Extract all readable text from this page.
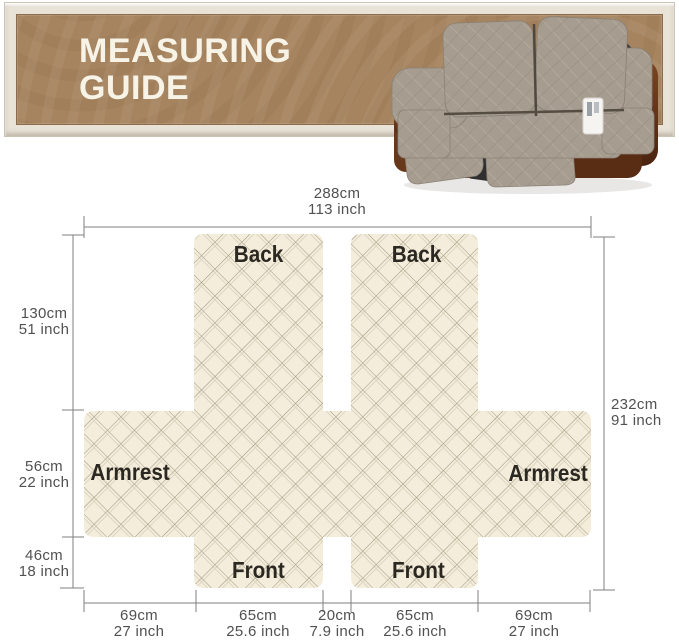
MEASURING
GUIDE
Back	Back
Armrest	Armrest
Front	Front
288cm
113 inch
232cm
91 inch
130cm
51 inch
56cm
22 inch
46cm
18 inch
69cm
27 inch
65cm
25.6 inch
20cm
7.9 inch
65cm
25.6 inch
69cm
27 inch
